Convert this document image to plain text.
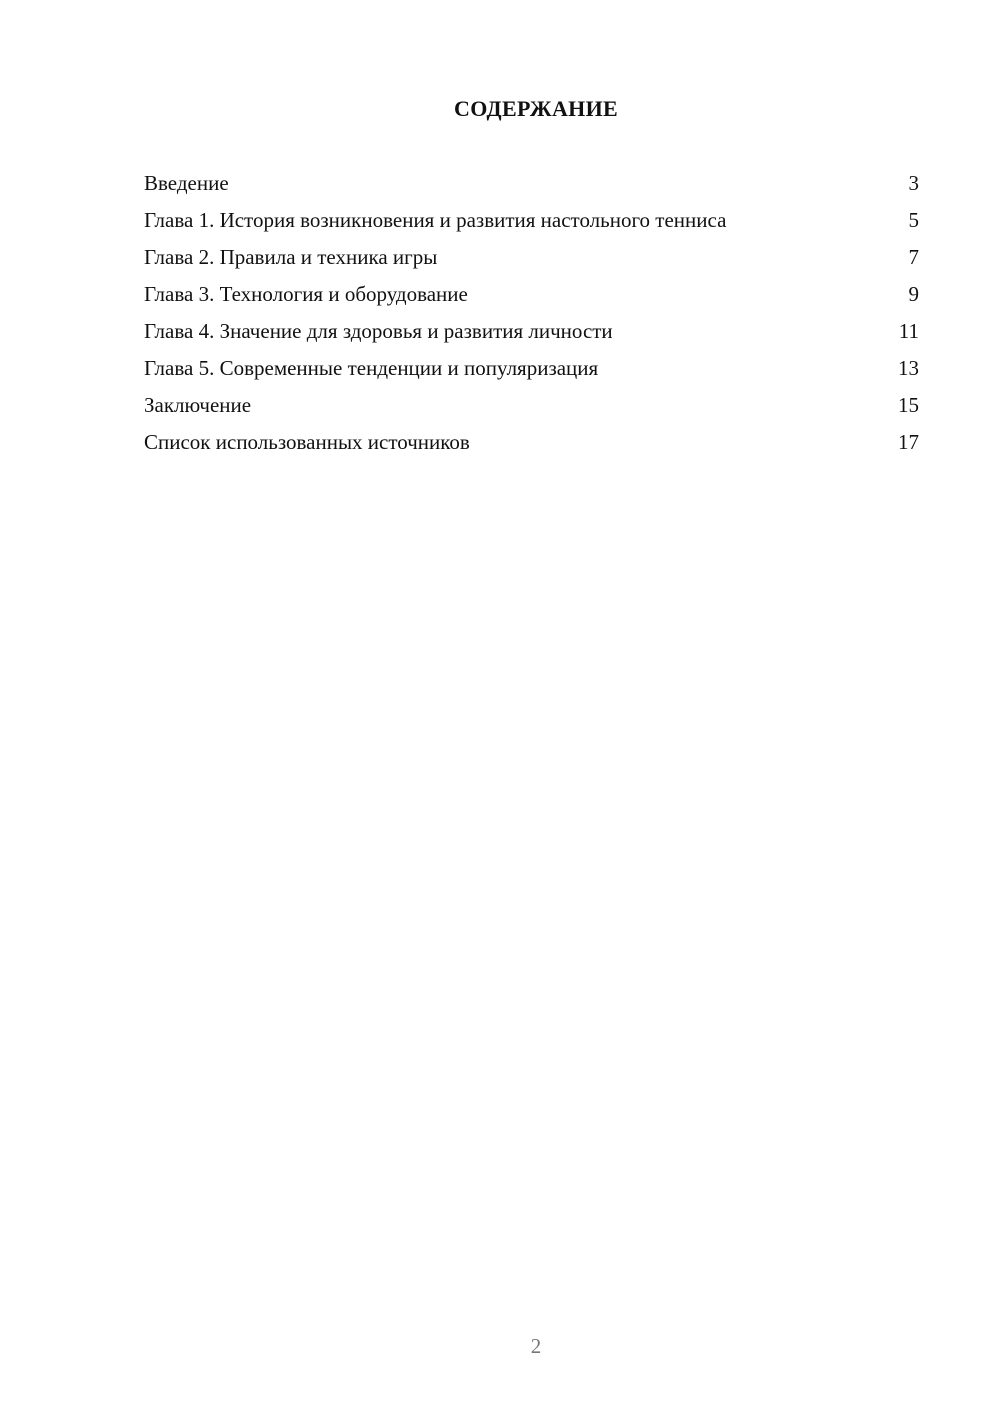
СОДЕРЖАНИЕ
Введение	3
Глава 1. История возникновения и развития настольного тенниса	5
Глава 2. Правила и техника игры	7
Глава 3. Технология и оборудование	9
Глава 4. Значение для здоровья и развития личности	11
Глава 5. Современные тенденции и популяризация	13
Заключение	15
Список использованных источников	17
2
